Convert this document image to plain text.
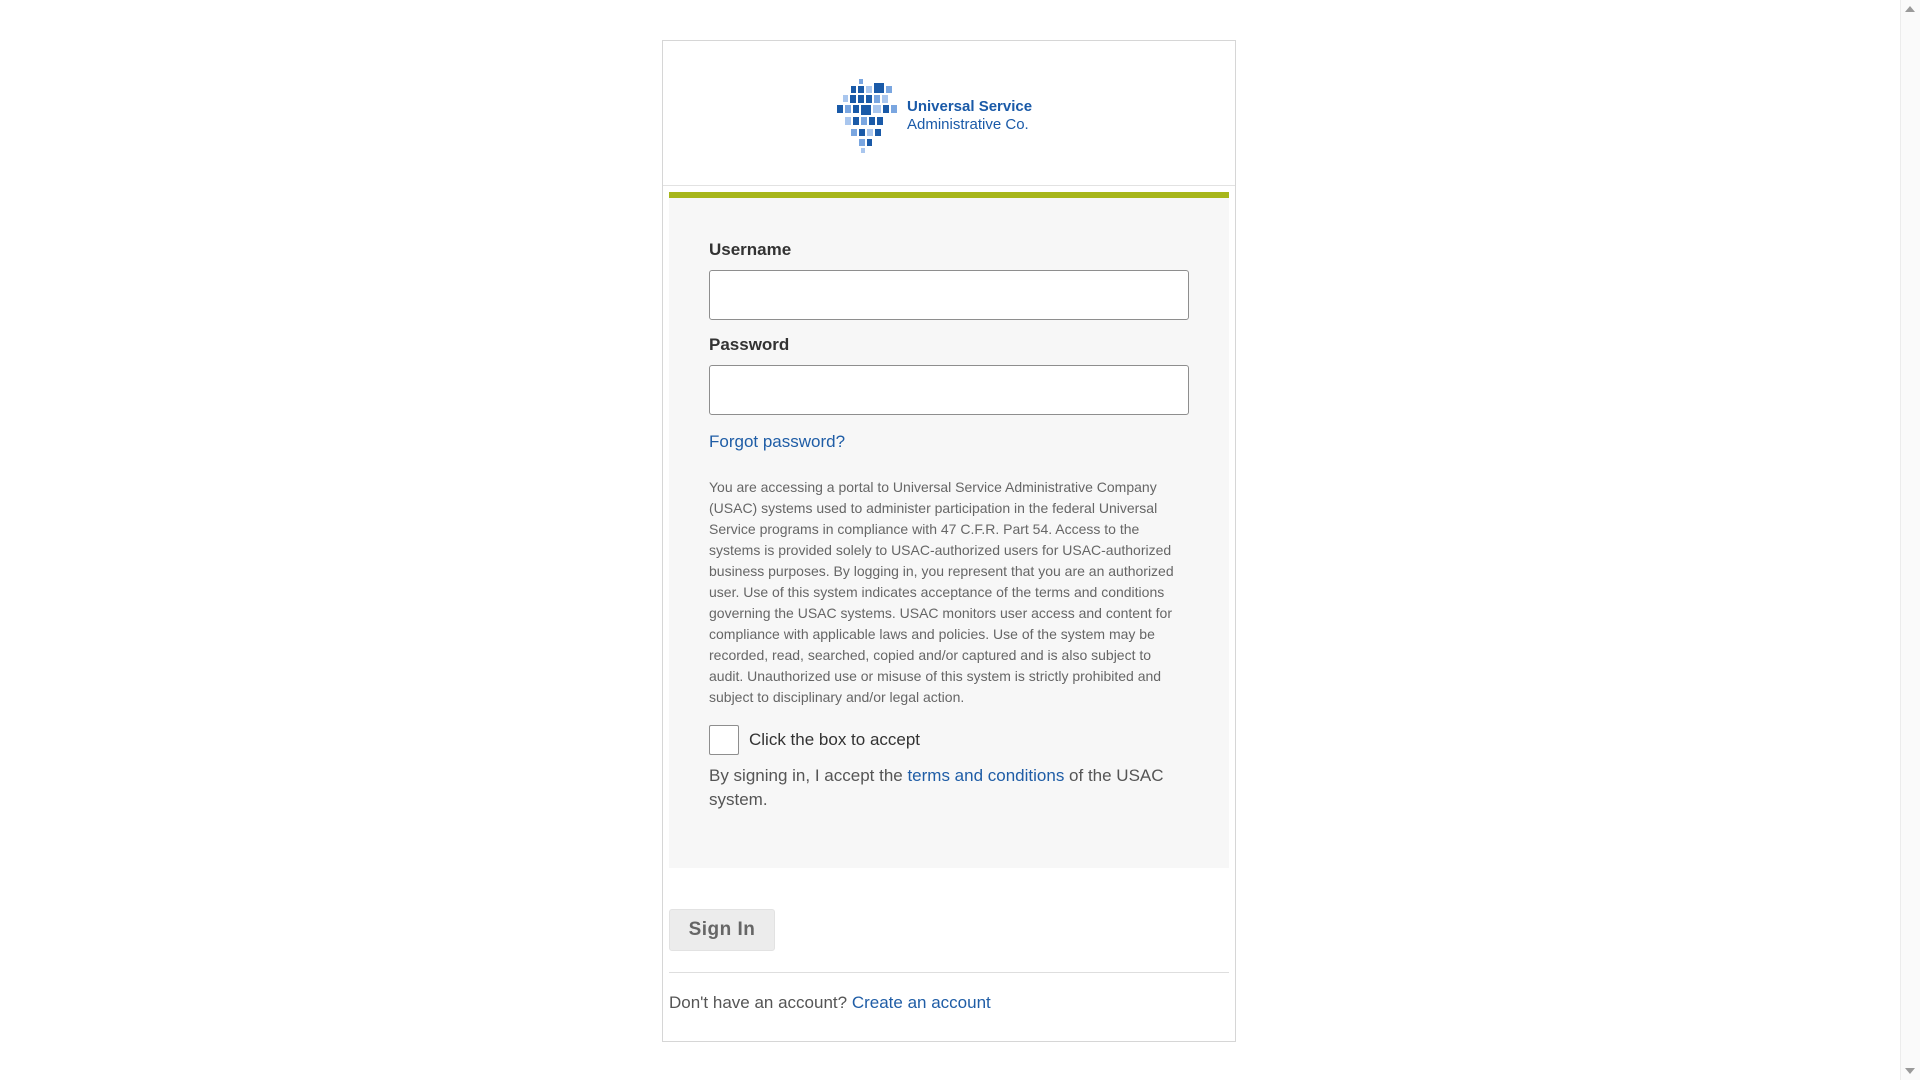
Universal Service
Administrative Co.
Username
Password
Forgot password?

You are accessing a portal to Universal Service Administrative Company (USAC) systems used to administer participation in the federal Universal Service programs in compliance with 47 C.F.R. Part 54. Access to the systems is provided solely to USAC-authorized users for USAC-authorized business purposes. By logging in, you represent that you are an authorized user. Use of this system indicates acceptance of the terms and conditions governing the USAC systems. USAC monitors user access and content for compliance with applicable laws and policies. Use of the system may be recorded, read, searched, copied and/or captured and is also subject to audit. Unauthorized use or misuse of this system is strictly prohibited and subject to disciplinary and/or legal action.

Click the box to accept

By signing in, I accept the terms and conditions of the USAC system.

Sign In
Don't have an account? Create an account
